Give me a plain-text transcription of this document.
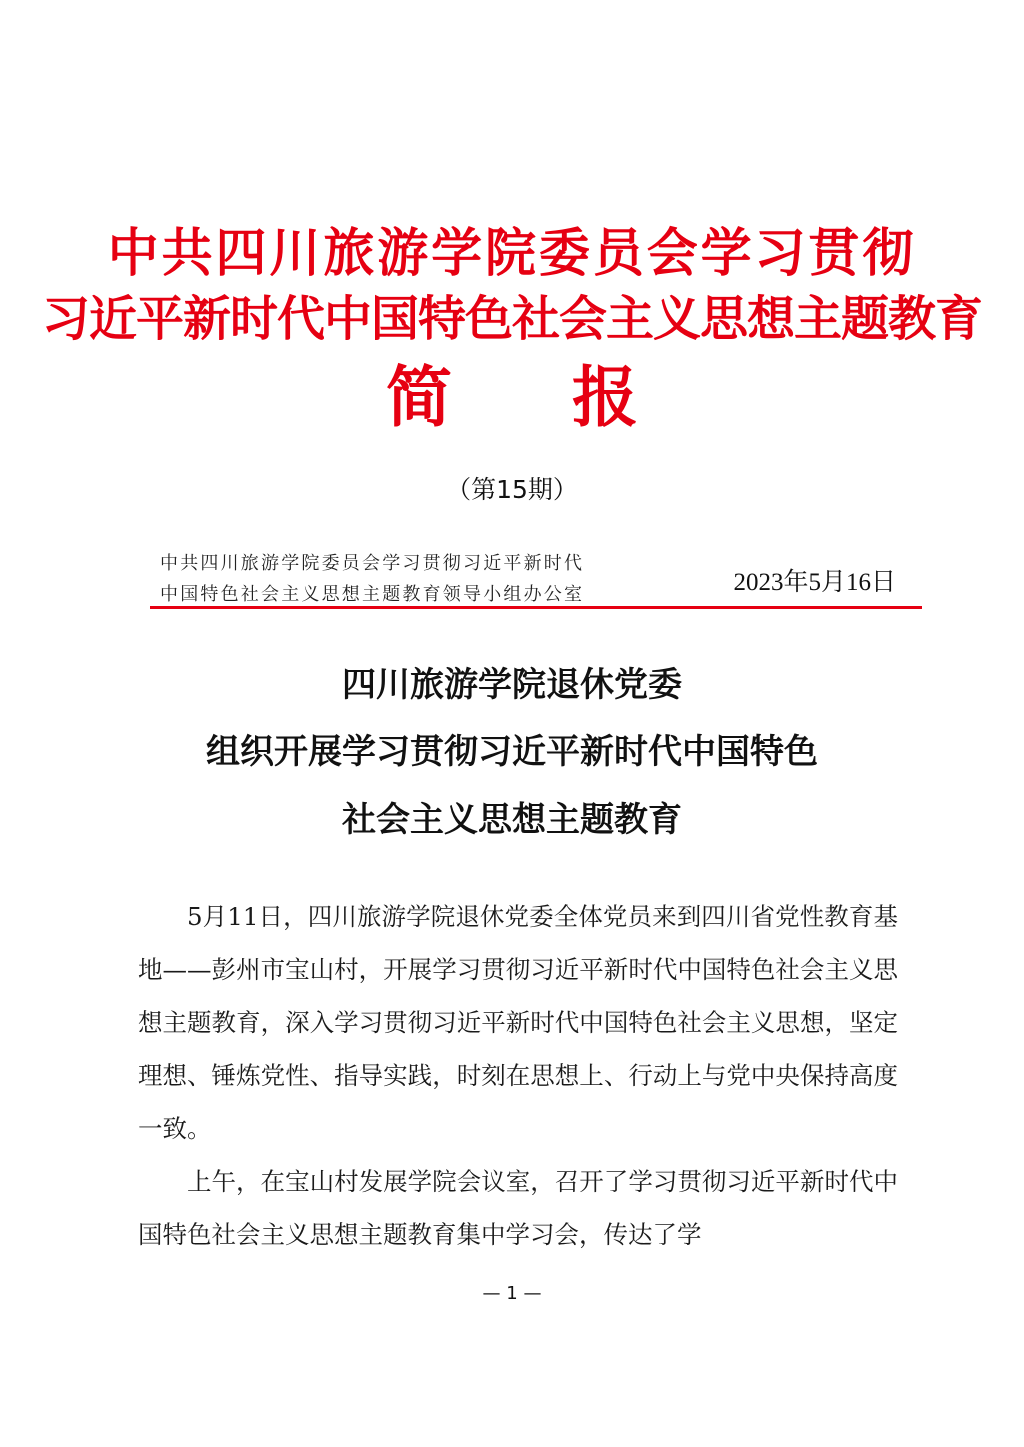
中共四川旅游学院委员会学习贯彻
习近平新时代中国特色社会主义思想主题教育
简报
（第15期）
中共四川旅游学院委员会学习贯彻习近平新时代
中国特色社会主义思想主题教育领导小组办公室	2023年5月16日
四川旅游学院退休党委
组织开展学习贯彻习近平新时代中国特色
社会主义思想主题教育

5月11日，四川旅游学院退休党委全体党员来到四川省党性教育基地——彭州市宝山村，开展学习贯彻习近平新时代中国特色社会主义思想主题教育，深入学习贯彻习近平新时代中国特色社会主义思想，坚定理想、锤炼党性、指导实践，时刻在思想上、行动上与党中央保持高度一致。

上午，在宝山村发展学院会议室，召开了学习贯彻习近平新时代中国特色社会主义思想主题教育集中学习会，传达了学

— 1 —
